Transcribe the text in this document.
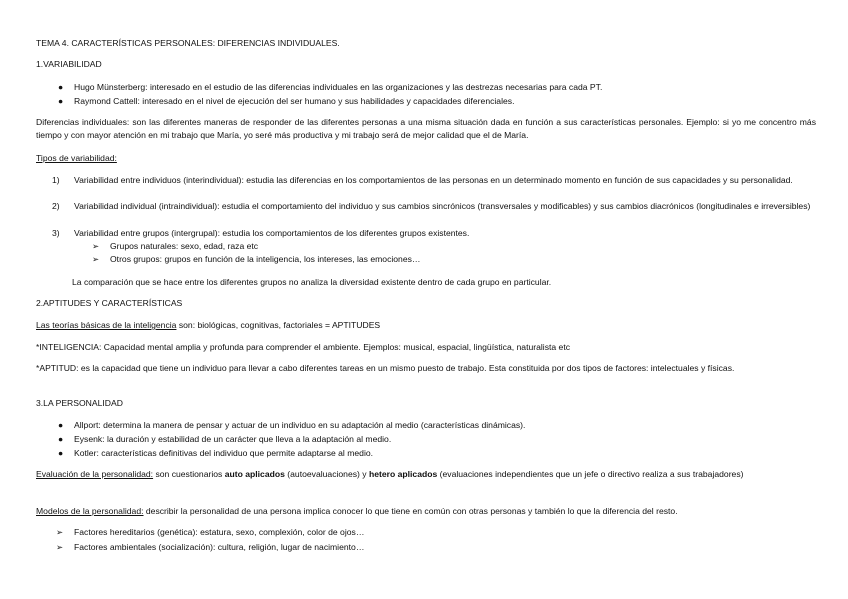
TEMA 4. CARACTERÍSTICAS PERSONALES: DIFERENCIAS INDIVIDUALES.
1.VARIABILIDAD
●	Hugo Münsterberg: interesado en el estudio de las diferencias individuales en las organizaciones y las destrezas necesarias para cada PT.
●	Raymond Cattell: interesado en el nivel de ejecución del ser humano y sus habilidades y capacidades diferenciales.
Diferencias individuales: son las diferentes maneras de responder de las diferentes personas a una misma situación dada en función a sus características personales. Ejemplo: si yo me concentro más tiempo y con mayor atención en mi trabajo que María, yo seré más productiva y mi trabajo será de mejor calidad que el de María.
Tipos de variabilidad:
1)	Variabilidad entre individuos (interindividual): estudia las diferencias en los comportamientos de las personas en un determinado momento en función de sus capacidades y su personalidad.
2)	Variabilidad individual (intraindividual): estudia el comportamiento del individuo y sus cambios sincrónicos (transversales y modificables) y sus cambios diacrónicos (longitudinales e irreversibles)
3)	Variabilidad entre grupos (intergrupal): estudia los comportamientos de los diferentes grupos existentes.
➢	Grupos naturales: sexo, edad, raza etc
➢	Otros grupos: grupos en función de la inteligencia, los intereses, las emociones…
La comparación que se hace entre los diferentes grupos no analiza la diversidad existente dentro de cada grupo en particular.
2.APTITUDES Y CARACTERÍSTICAS
Las teorías básicas de la inteligencia son: biológicas, cognitivas, factoriales = APTITUDES
*INTELIGENCIA: Capacidad mental amplia y profunda para comprender el ambiente. Ejemplos: musical, espacial, lingüística, naturalista etc
*APTITUD: es la capacidad que tiene un individuo para llevar a cabo diferentes tareas en un mismo puesto de trabajo. Esta constituida por dos tipos de factores: intelectuales y físicas.
3.LA PERSONALIDAD
●	Allport: determina la manera de pensar y actuar de un individuo en su adaptación al medio (características dinámicas).
●	Eysenk: la duración y estabilidad de un carácter que lleva a la adaptación al medio.
●	Kotler: características definitivas del individuo que permite adaptarse al medio.
Evaluación de la personalidad: son cuestionarios auto aplicados (autoevaluaciones) y hetero aplicados (evaluaciones independientes que un jefe o directivo realiza a sus trabajadores)
Modelos de la personalidad: describir la personalidad de una persona implica conocer lo que tiene en común con otras personas y también lo que la diferencia del resto.
➢	Factores hereditarios (genética): estatura, sexo, complexión, color de ojos…
➢	Factores ambientales (socialización): cultura, religión, lugar de nacimiento…
